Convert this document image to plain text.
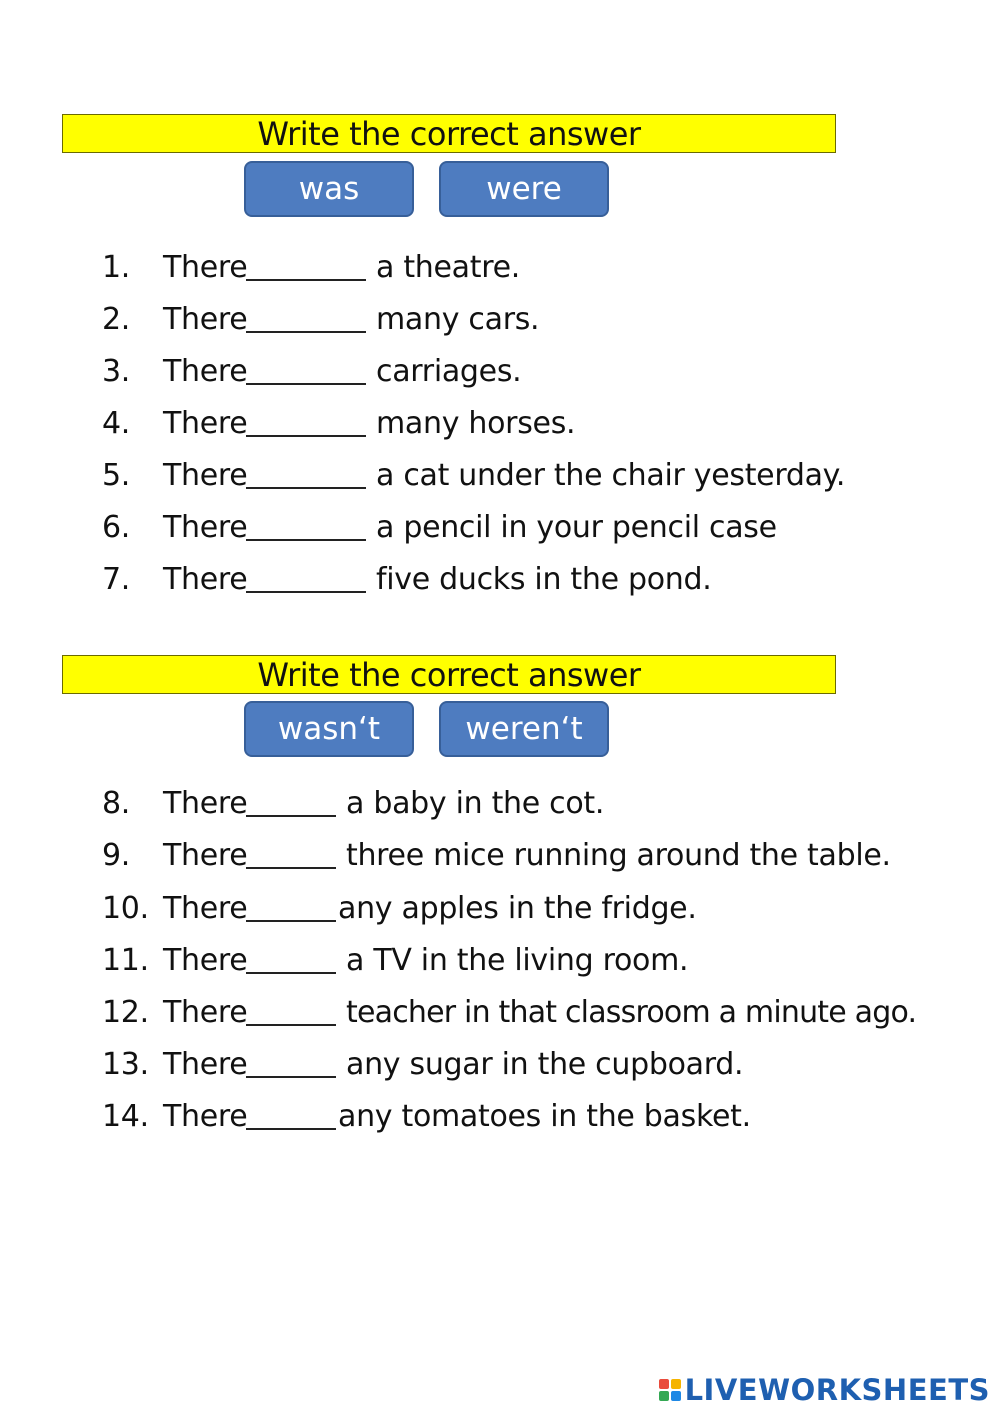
Write the correct answer
was	were
1. There	a theatre.
2. There	many cars.
3. There	carriages.
4. There	many horses.
5. There	a cat under the chair yesterday.
6. There	a pencil in your pencil case
7. There	five ducks in the pond.
Write the correct answer
wasn‘t	weren‘t
8. There	a baby in the cot.
9. There	three mice running around the table.
10. There	any apples in the fridge.
11. There	a TV in the living room.
12. There	teacher in that classroom a minute ago.
13. There	any sugar in the cupboard.
14. There	any tomatoes in the basket.
LIVEWORKSHEETS
